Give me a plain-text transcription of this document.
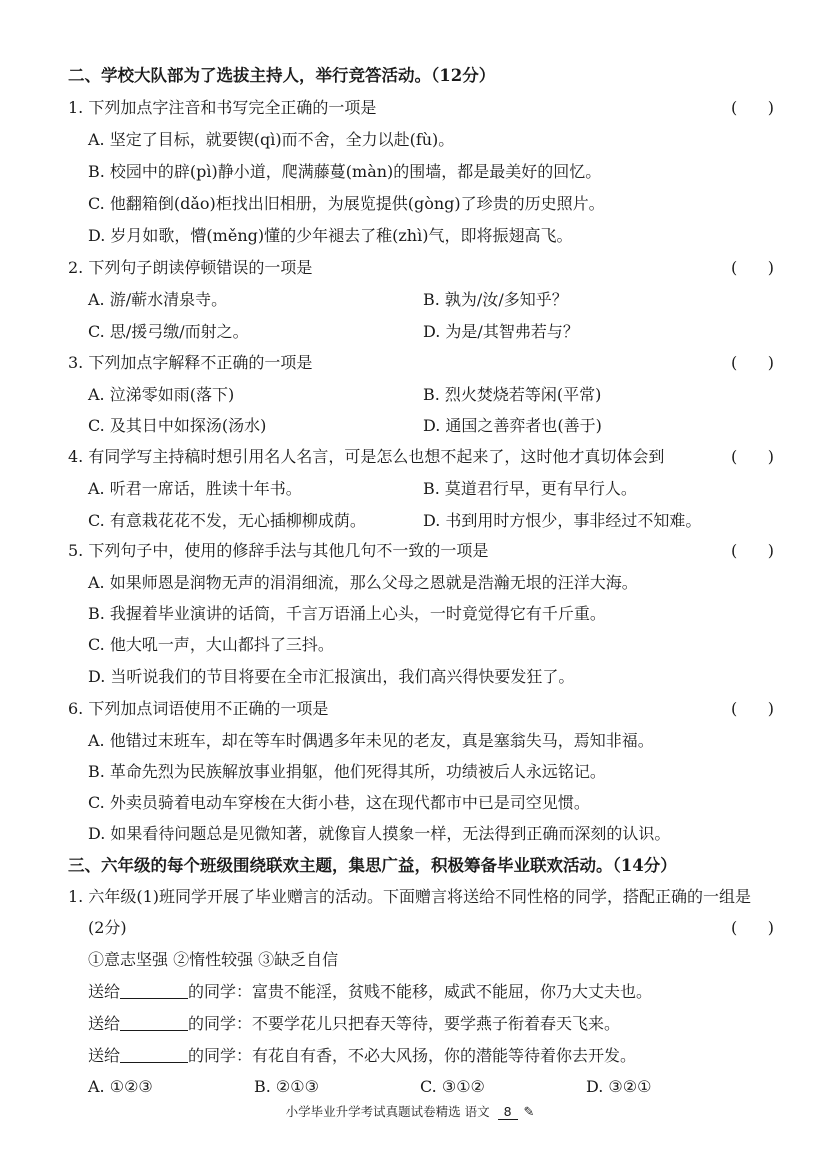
二、学校大队部为了选拔主持人，举行竞答活动。（12分）
1. 下列加点字注音和书写完全正确的一项是	(      )
A. 坚定了目标，就要锲(qì)而不舍，全力以赴(fù)。
B. 校园中的辟(pì)静小道，爬满藤蔓(màn)的围墙，都是最美好的回忆。
C. 他翻箱倒(dǎo)柜找出旧相册，为展览提供(gòng)了珍贵的历史照片。
D. 岁月如歌，懵(měng)懂的少年褪去了稚(zhì)气，即将振翅高飞。
2. 下列句子朗读停顿错误的一项是	(      )
A. 游/蕲水清泉寺。	B. 孰为/汝/多知乎？
C. 思/援弓缴/而射之。	D. 为是/其智弗若与？
3. 下列加点字解释不正确的一项是	(      )
A. 泣涕零如雨(落下)	B. 烈火焚烧若等闲(平常)
C. 及其日中如探汤(汤水)	D. 通国之善弈者也(善于)
4. 有同学写主持稿时想引用名人名言，可是怎么也想不起来了，这时他才真切体会到	(      )
A. 听君一席话，胜读十年书。	B. 莫道君行早，更有早行人。
C. 有意栽花花不发，无心插柳柳成荫。	D. 书到用时方恨少，事非经过不知难。
5. 下列句子中，使用的修辞手法与其他几句不一致的一项是	(      )
A. 如果师恩是润物无声的涓涓细流，那么父母之恩就是浩瀚无垠的汪洋大海。
B. 我握着毕业演讲的话筒，千言万语涌上心头，一时竟觉得它有千斤重。
C. 他大吼一声，大山都抖了三抖。
D. 当听说我们的节目将要在全市汇报演出，我们高兴得快要发狂了。
6. 下列加点词语使用不正确的一项是	(      )
A. 他错过末班车，却在等车时偶遇多年未见的老友，真是塞翁失马，焉知非福。
B. 革命先烈为民族解放事业捐躯，他们死得其所，功绩被后人永远铭记。
C. 外卖员骑着电动车穿梭在大街小巷，这在现代都市中已是司空见惯。
D. 如果看待问题总是见微知著，就像盲人摸象一样，无法得到正确而深刻的认识。
三、六年级的每个班级围绕联欢主题，集思广益，积极筹备毕业联欢活动。（14分）
1. 六年级(1)班同学开展了毕业赠言的活动。下面赠言将送给不同性格的同学，搭配正确的一组是
(2分)	(      )
①意志坚强 ②惰性较强 ③缺乏自信
送给	的同学：富贵不能淫，贫贱不能移，威武不能屈，你乃大丈夫也。
送给	的同学：不要学花儿只把春天等待，要学燕子衔着春天飞来。
送给	的同学：有花自有香，不必大风扬，你的潜能等待着你去开发。
A. ①②③	B. ②①③	C. ③①②	D. ③②①
小学毕业升学考试真题试卷精选 语文 8 ✎
